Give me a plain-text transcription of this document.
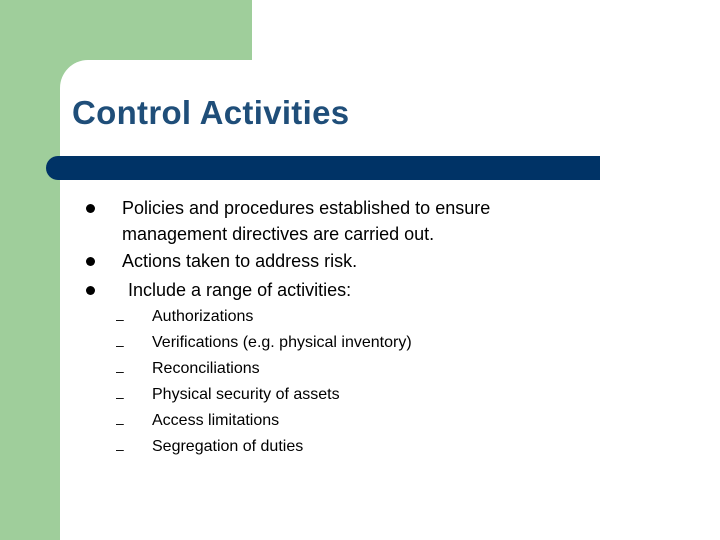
Control Activities
Policies and procedures established to ensure
management directives are carried out.
Actions taken to address risk.
Include a range of activities:
– Authorizations
– Verifications (e.g. physical inventory)
– Reconciliations
– Physical security of assets
– Access limitations
– Segregation of duties
